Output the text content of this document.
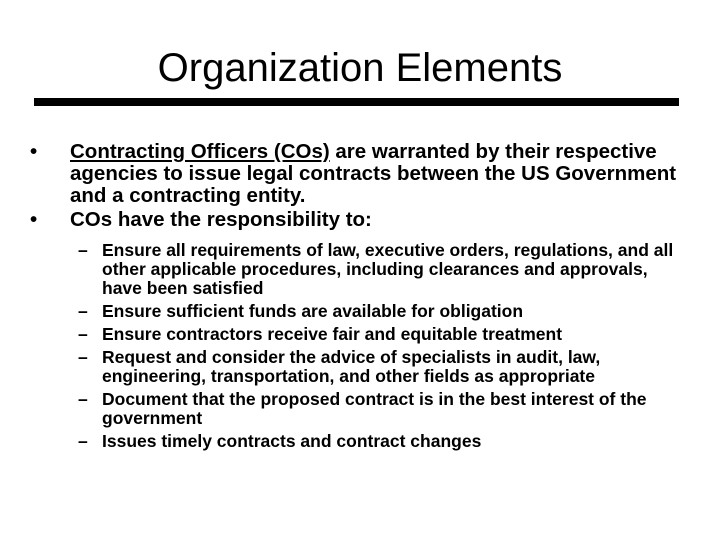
Organization Elements

• Contracting Officers (COs) are warranted by their respective agencies to issue legal contracts between the US Government and a contracting entity.

• COs have the responsibility to:

– Ensure all requirements of law, executive orders, regulations, and all other applicable procedures, including clearances and approvals, have been satisfied

– Ensure sufficient funds are available for obligation

– Ensure contractors receive fair and equitable treatment

– Request and consider the advice of specialists in audit, law, engineering, transportation, and other fields as appropriate

– Document that the proposed contract is in the best interest of the government

– Issues timely contracts and contract changes
